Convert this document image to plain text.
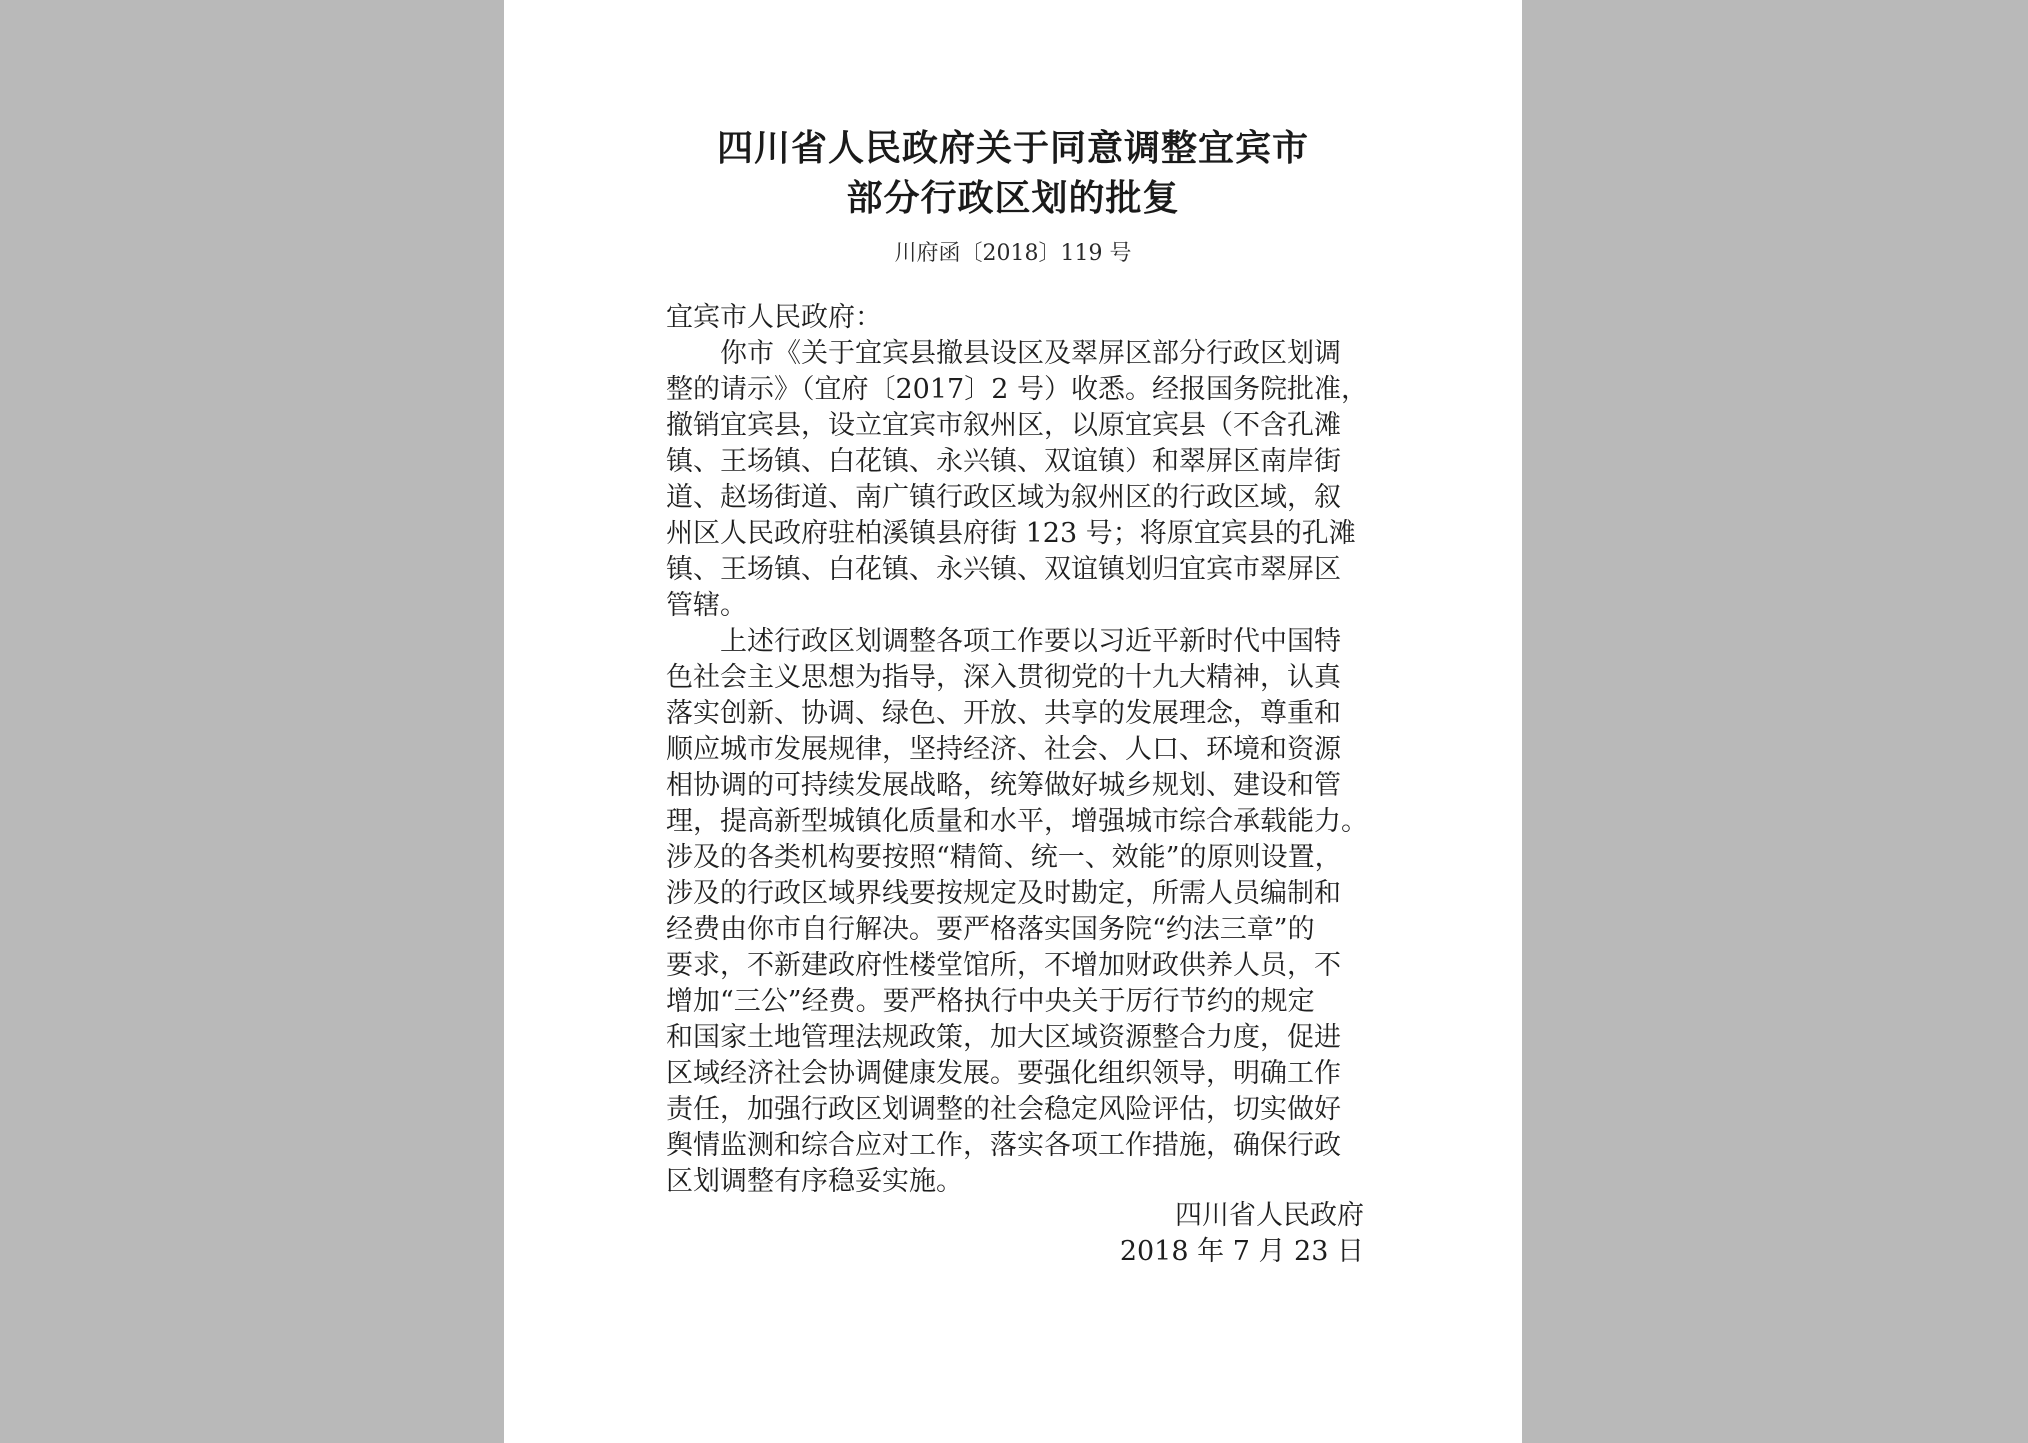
四川省人民政府关于同意调整宜宾市
部分行政区划的批复
川府函〔2018〕119 号
宜宾市人民政府：
你市《关于宜宾县撤县设区及翠屏区部分行政区划调
整的请示》（宜府〔2017〕2 号）收悉。经报国务院批准，
撤销宜宾县，设立宜宾市叙州区，以原宜宾县（不含孔滩
镇、王场镇、白花镇、永兴镇、双谊镇）和翠屏区南岸街
道、赵场街道、南广镇行政区域为叙州区的行政区域，叙
州区人民政府驻柏溪镇县府街 123 号；将原宜宾县的孔滩
镇、王场镇、白花镇、永兴镇、双谊镇划归宜宾市翠屏区
管辖。
上述行政区划调整各项工作要以习近平新时代中国特
色社会主义思想为指导，深入贯彻党的十九大精神，认真
落实创新、协调、绿色、开放、共享的发展理念，尊重和
顺应城市发展规律，坚持经济、社会、人口、环境和资源
相协调的可持续发展战略，统筹做好城乡规划、建设和管
理，提高新型城镇化质量和水平，增强城市综合承载能力。
涉及的各类机构要按照“精简、统一、效能”的原则设置，
涉及的行政区域界线要按规定及时勘定，所需人员编制和
经费由你市自行解决。要严格落实国务院“约法三章”的
要求，不新建政府性楼堂馆所，不增加财政供养人员，不
增加“三公”经费。要严格执行中央关于厉行节约的规定
和国家土地管理法规政策，加大区域资源整合力度，促进
区域经济社会协调健康发展。要强化组织领导，明确工作
责任，加强行政区划调整的社会稳定风险评估，切实做好
舆情监测和综合应对工作，落实各项工作措施，确保行政
区划调整有序稳妥实施。
四川省人民政府
2018 年 7 月 23 日
